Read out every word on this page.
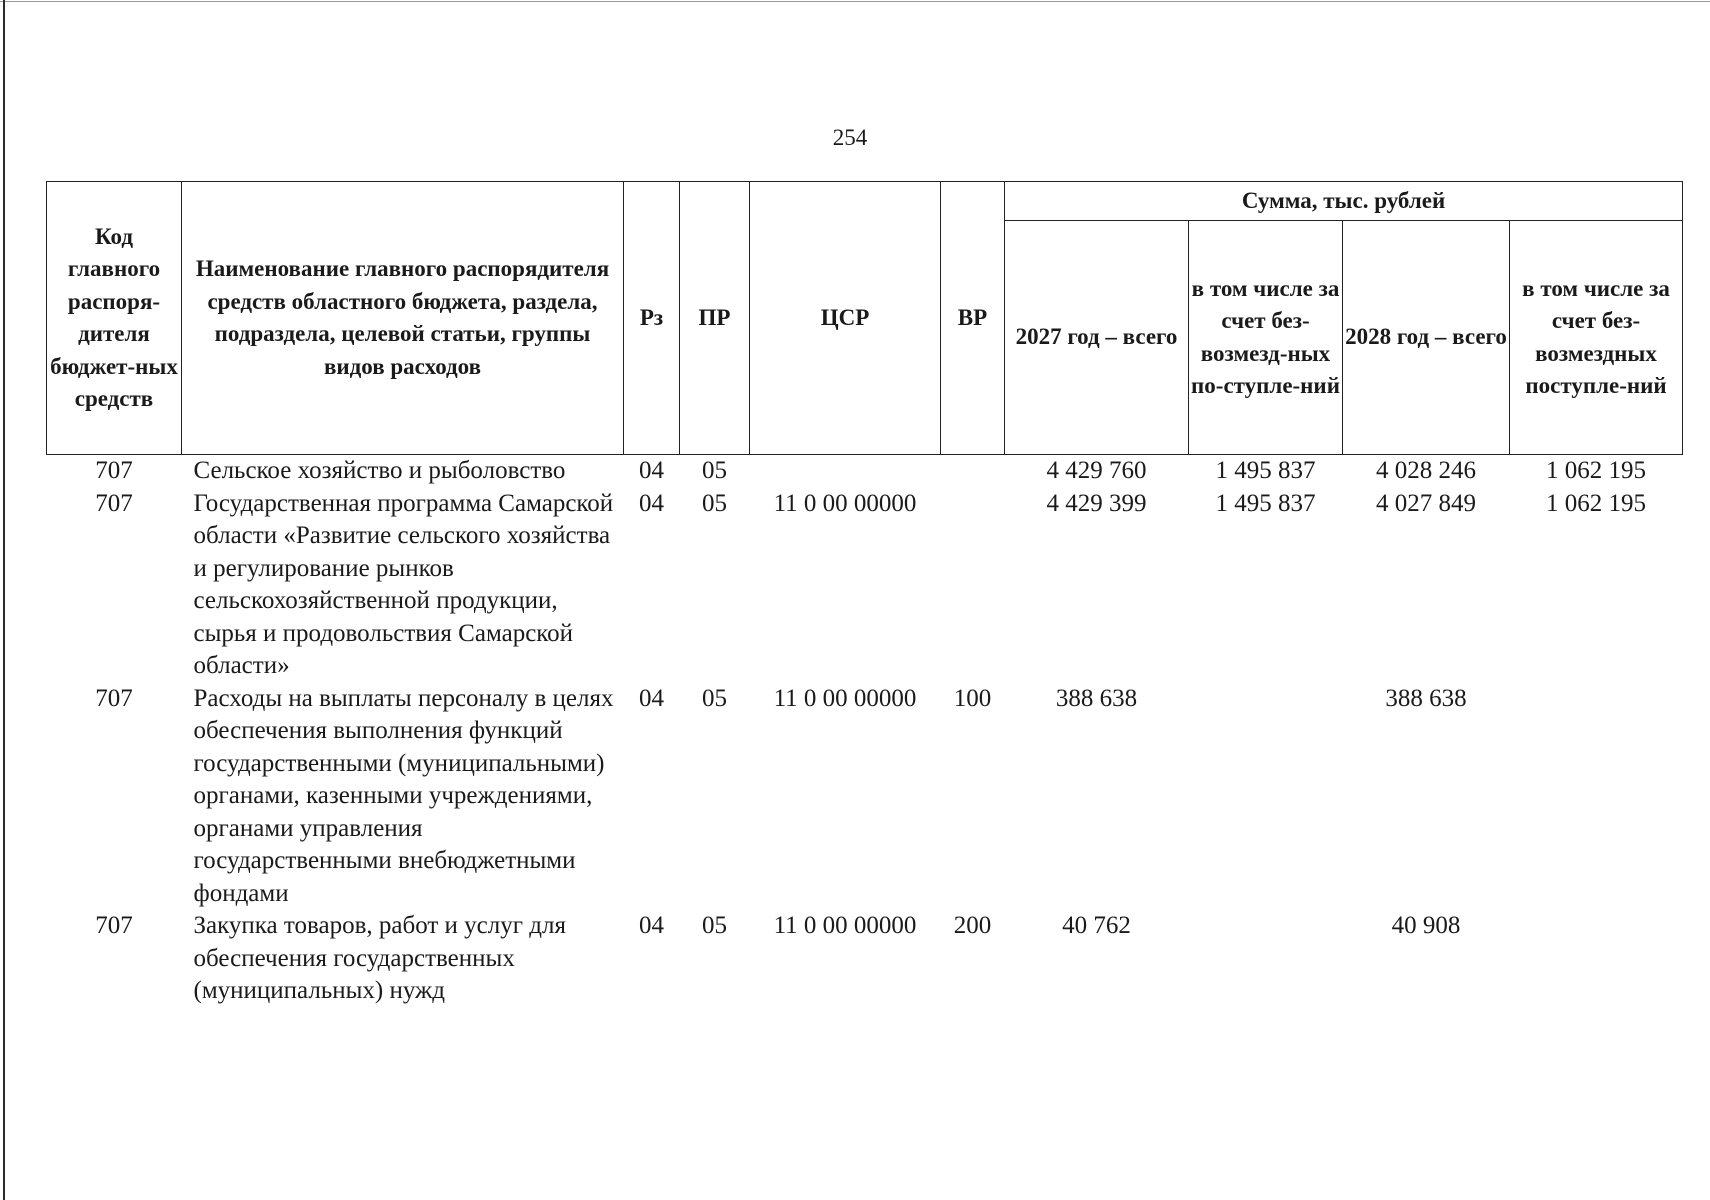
254
Код главного распоря-дителя бюджет-ных средств	Наименование главного распорядителя средств областного бюджета, раздела, подраздела, целевой статьи, группы видов расходов	Рз	ПР	ЦСР	ВР	Сумма, тыс. рублей			
						2027 год – всего	в том числе за счет без-возмезд-ных по-ступле-ний	2028 год – всего	в том числе за счет без-возмездных поступле-ний
707	Сельское хозяйство и рыболовство	04	05			4 429 760	1 495 837	4 028 246	1 062 195
707	Государственная программа Самарской области «Развитие сельского хозяйства и регулирование рынков сельскохозяйственной продукции, сырья и продовольствия Самарской области»	04	05	11 0 00 00000		4 429 399	1 495 837	4 027 849	1 062 195
707	Расходы на выплаты персоналу в целях обеспечения выполнения функций государственными (муниципальными) органами, казенными учреждениями, органами управления государственными внебюджетными фондами	04	05	11 0 00 00000	100	388 638		388 638	
707	Закупка товаров, работ и услуг для обеспечения государственных (муниципальных) нужд	04	05	11 0 00 00000	200	40 762		40 908	
